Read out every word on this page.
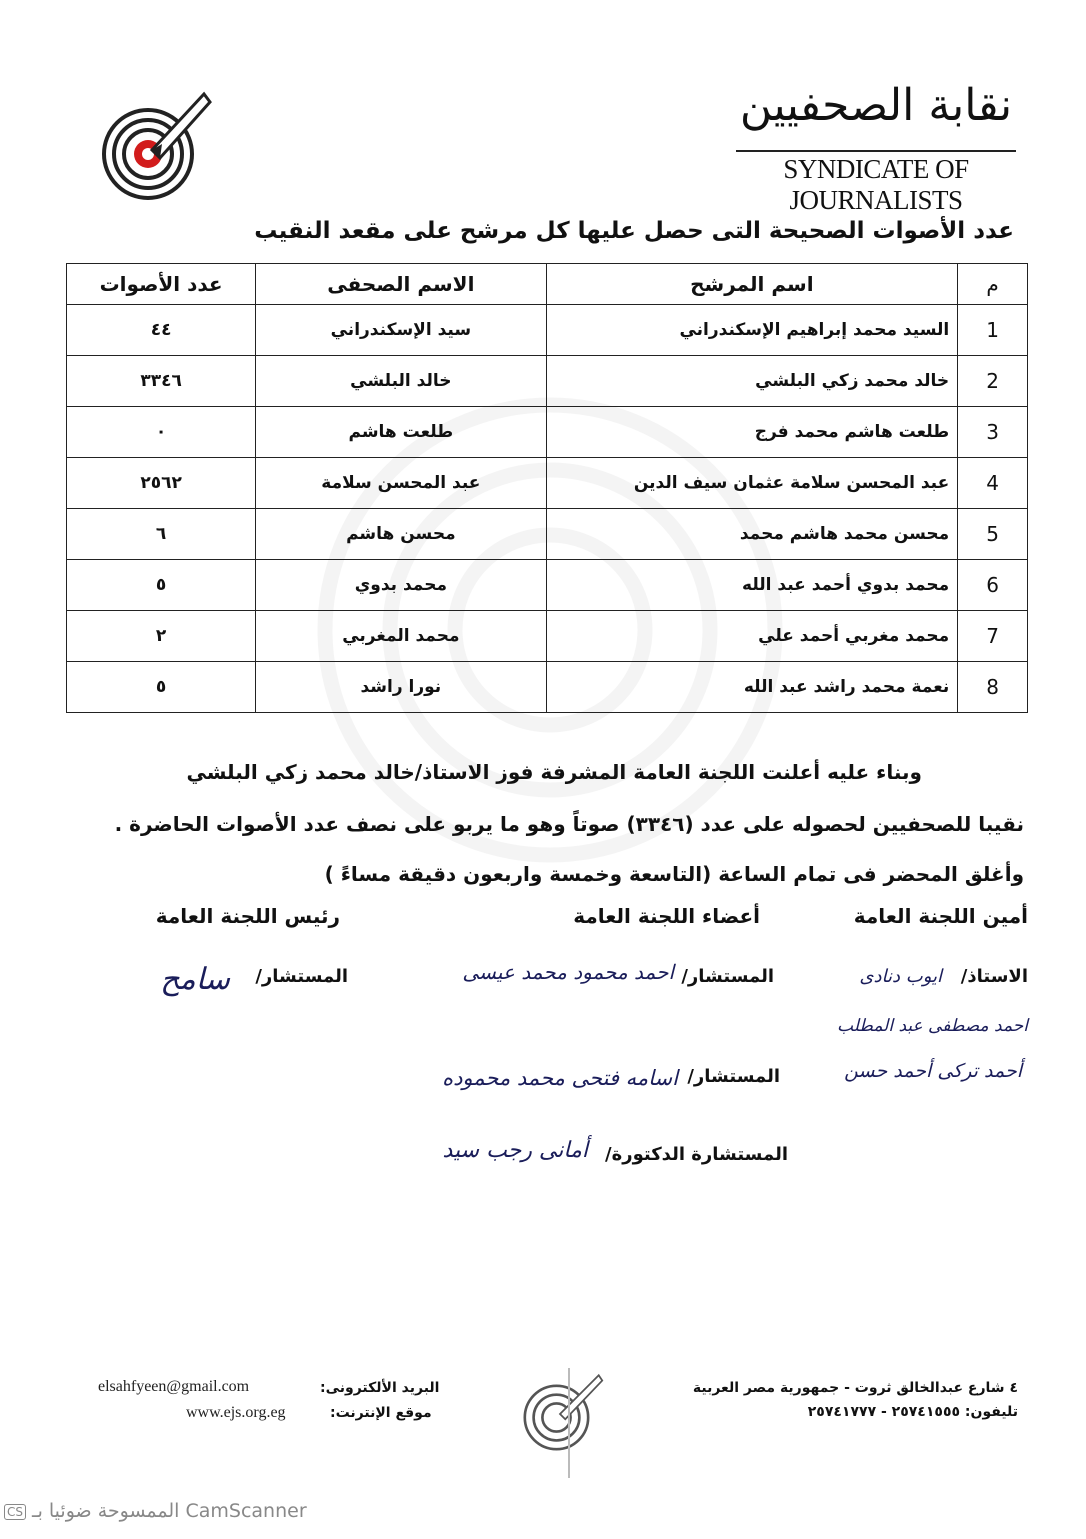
نقابة الصحفيين
SYNDICATE OF JOURNALISTS
عدد الأصوات الصحيحة التى حصل عليها كل مرشح على مقعد النقيب
م	اسم المرشح	الاسم الصحفى	عدد الأصوات
1	السيد محمد إبراهيم الإسكندراني	سيد الإسكندراني	٤٤
2	خالد محمد زكي البلشي	خالد البلشي	٣٣٤٦
3	طلعت هاشم محمد فرج	طلعت هاشم	٠
4	عبد المحسن سلامة عثمان سيف الدين	عبد المحسن سلامة	٢٥٦٢
5	محسن محمد هاشم محمد	محسن هاشم	٦
6	محمد بدوي أحمد عبد الله	محمد بدوي	٥
7	محمد مغربي أحمد علي	محمد المغربي	٢
8	نعمة محمد راشد عبد الله	نورا راشد	٥
وبناء عليه أعلنت اللجنة العامة المشرفة فوز الاستاذ/خالد محمد زكي البلشي
نقيبا للصحفيين لحصوله على عدد (٣٣٤٦) صوتاً وهو ما يربو على نصف عدد الأصوات الحاضرة .
وأغلق المحضر فى تمام الساعة (التاسعة وخمسة واربعون دقيقة مساءً )
أمين اللجنة العامة
أعضاء اللجنة العامة
رئيس اللجنة العامة
الاستاذ/
ايوب دنادى
المستشار/
احمد محمود محمد عيسى
المستشار/
سامح
احمد مصطفى عبد المطلب
أحمد تركى أحمد حسن
المستشار/
اسامه فتحى محمد محموده
المستشارة الدكتورة/
أمانى رجب سيد
٤ شارع عبدالخالق ثروت - جمهورية مصر العربية
تليفون: ٢٥٧٤١٥٥٥ - ٢٥٧٤١٧٧٧
البريد الألكترونى:
elsahfyeen@gmail.com
موقع الإنترنت:
www.ejs.org.eg
CS الممسوحة ضوئيا بـ CamScanner
